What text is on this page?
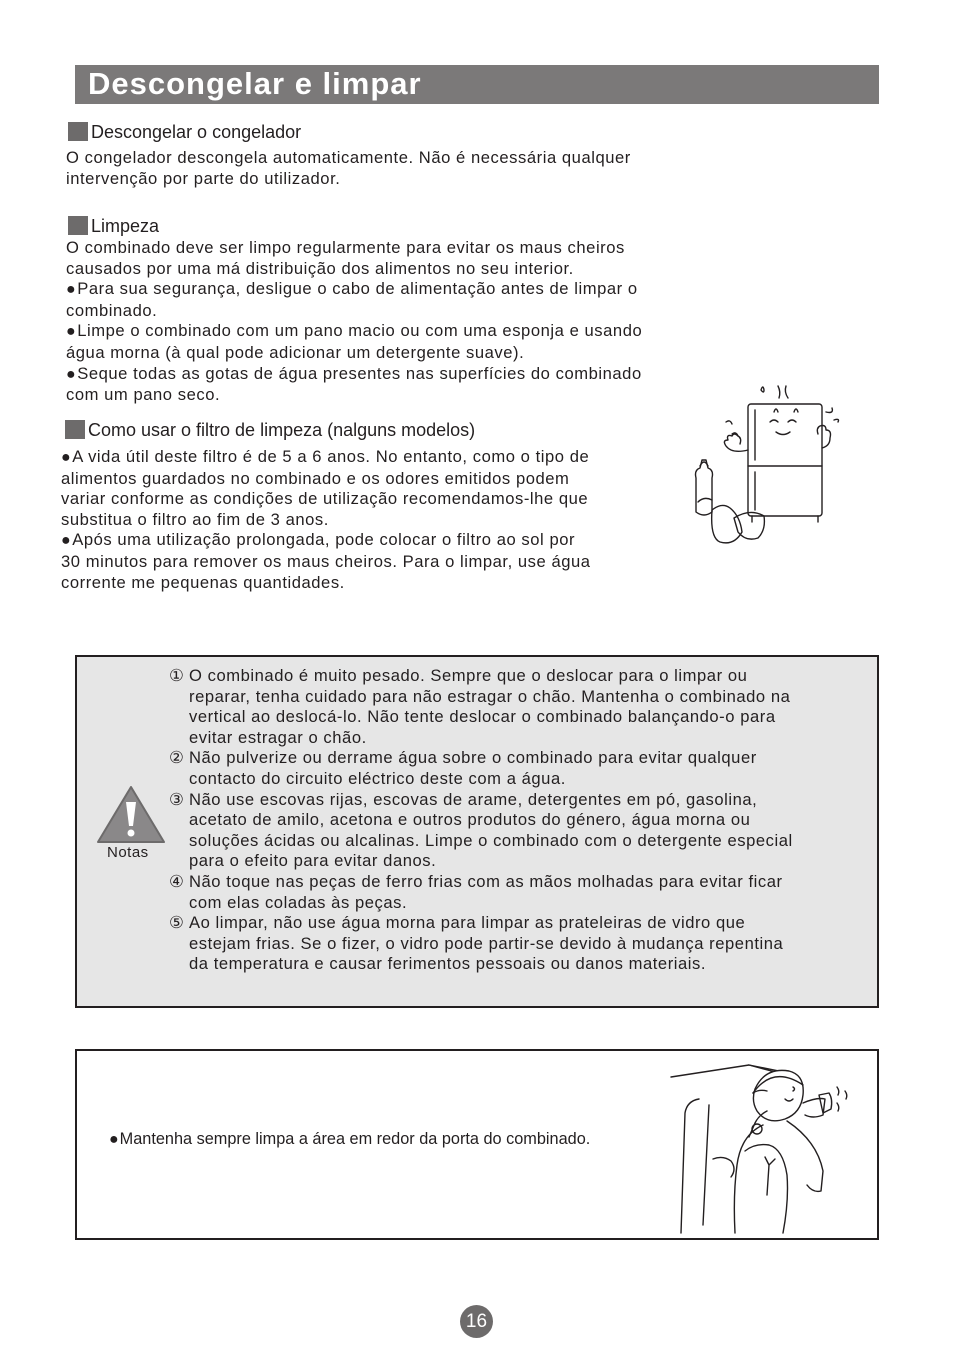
Descongelar e limpar
Descongelar o congelador
O congelador descongela automaticamente. Não é necessária qualquer
intervenção por parte do utilizador.
Limpeza
O combinado deve ser limpo regularmente para evitar os maus cheiros
causados por uma má distribuição dos alimentos no seu interior.
●Para sua segurança, desligue o cabo de alimentação antes de limpar o
combinado.
●Limpe o combinado com um pano macio ou com uma esponja e usando
água morna (à qual pode adicionar um detergente suave).
●Seque todas as gotas de água presentes nas superfícies do combinado
com um pano seco.
Como usar o filtro de limpeza (nalguns modelos)
●A vida útil deste filtro é de 5 a 6 anos. No entanto, como o tipo de
alimentos guardados no combinado e os odores emitidos podem
variar conforme as condições de utilização recomendamos-lhe que
substitua o filtro ao fim de 3 anos.
●Após uma utilização prolongada, pode colocar o filtro ao sol por
30 minutos para remover os maus cheiros. Para o limpar, use água
corrente me pequenas quantidades.
Notas
① O combinado é muito pesado. Sempre que o deslocar para o limpar ou
reparar, tenha cuidado para não estragar o chão. Mantenha o combinado na
vertical ao deslocá-lo. Não tente deslocar o combinado balançando-o para
evitar estragar o chão.
② Não pulverize ou derrame água sobre o combinado para evitar qualquer
contacto do circuito eléctrico deste com a água.
③ Não use escovas rijas, escovas de arame, detergentes em pó, gasolina,
acetato de amilo, acetona e outros produtos do género, água morna ou
soluções ácidas ou alcalinas. Limpe o combinado com o detergente especial
para o efeito para evitar danos.
④ Não toque nas peças de ferro frias com as mãos molhadas para evitar ficar
com elas coladas às peças.
⑤ Ao limpar, não use água morna para limpar as prateleiras de vidro que
estejam frias. Se o fizer, o vidro pode partir-se devido à mudança repentina
da temperatura e causar ferimentos pessoais ou danos materiais.
●Mantenha sempre limpa a área em redor da porta do combinado.
16
